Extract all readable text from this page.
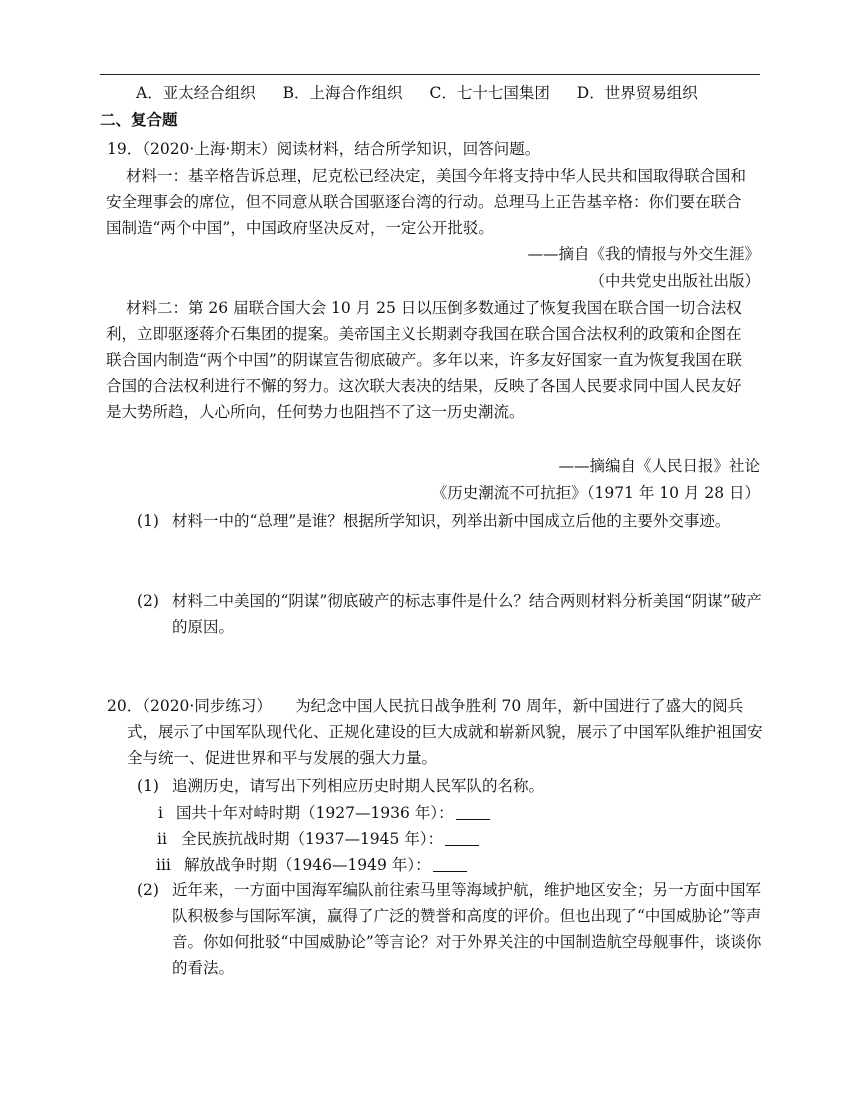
A．亚太经合组织 B．上海合作组织 C．七十七国集团 D．世界贸易组织
二、复合题
19．（2020·上海·期末）阅读材料，结合所学知识，回答问题。
材料一：基辛格告诉总理，尼克松已经决定，美国今年将支持中华人民共和国取得联合国和安全理事会的席位，但不同意从联合国驱逐台湾的行动。总理马上正告基辛格：你们要在联合国制造“两个中国”，中国政府坚决反对，一定公开批驳。
——摘自《我的情报与外交生涯》
（中共党史出版社出版）
材料二：第 26 届联合国大会 10 月 25 日以压倒多数通过了恢复我国在联合国一切合法权利，立即驱逐蒋介石集团的提案。美帝国主义长期剥夺我国在联合国合法权利的政策和企图在联合国内制造“两个中国”的阴谋宣告彻底破产。多年以来，许多友好国家一直为恢复我国在联合国的合法权利进行不懈的努力。这次联大表决的结果，反映了各国人民要求同中国人民友好是大势所趋，人心所向，任何势力也阻挡不了这一历史潮流。
——摘编自《人民日报》社论
《历史潮流不可抗拒》（1971 年 10 月 28 日）
(1) 材料一中的“总理”是谁？根据所学知识，列举出新中国成立后他的主要外交事迹。
(2) 材料二中美国的“阴谋”彻底破产的标志事件是什么？结合两则材料分析美国“阴谋”破产的原因。
20．（2020·同步练习）　　为纪念中国人民抗日战争胜利 70 周年，新中国进行了盛大的阅兵式，展示了中国军队现代化、正规化建设的巨大成就和崭新风貌，展示了中国军队维护祖国安全与统一、促进世界和平与发展的强大力量。
(1) 追溯历史，请写出下列相应历史时期人民军队的名称。
i 国共十年对峙时期（1927—1936 年）：
ii 全民族抗战时期（1937—1945 年）：
iii 解放战争时期（1946—1949 年）：
(2) 近年来，一方面中国海军编队前往索马里等海域护航，维护地区安全；另一方面中国军队积极参与国际军演，赢得了广泛的赞誉和高度的评价。但也出现了“中国威胁论”等声音。你如何批驳“中国威胁论”等言论？对于外界关注的中国制造航空母舰事件，谈谈你的看法。
